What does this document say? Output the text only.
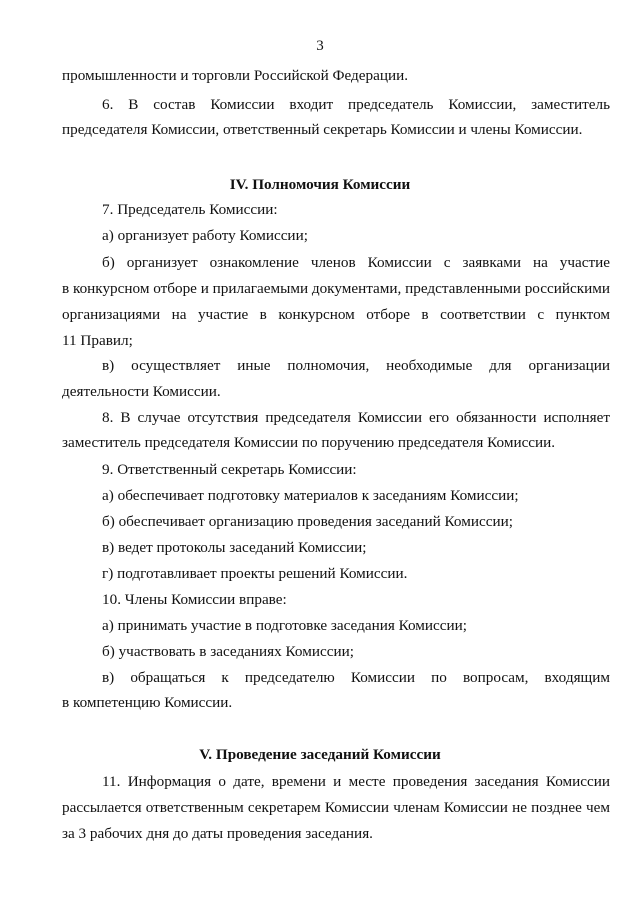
3
промышленности и торговли Российской Федерации.
6. В состав Комиссии входит председатель Комиссии, заместитель
председателя Комиссии, ответственный секретарь Комиссии и члены Комиссии.
IV. Полномочия Комиссии
7. Председатель Комиссии:
а) организует работу Комиссии;
б) организует ознакомление членов Комиссии с заявками на участие
в конкурсном отборе и прилагаемыми документами, представленными российскими
организациями на участие в конкурсном отборе в соответствии с пунктом
11 Правил;
в) осуществляет иные полномочия, необходимые для организации
деятельности Комиссии.
8. В случае отсутствия председателя Комиссии его обязанности исполняет
заместитель председателя Комиссии по поручению председателя Комиссии.
9. Ответственный секретарь Комиссии:
а) обеспечивает подготовку материалов к заседаниям Комиссии;
б) обеспечивает организацию проведения заседаний Комиссии;
в) ведет протоколы заседаний Комиссии;
г) подготавливает проекты решений Комиссии.
10. Члены Комиссии вправе:
а) принимать участие в подготовке заседания Комиссии;
б) участвовать в заседаниях Комиссии;
в) обращаться к председателю Комиссии по вопросам, входящим
в компетенцию Комиссии.
V. Проведение заседаний Комиссии
11. Информация о дате, времени и месте проведения заседания Комиссии
рассылается ответственным секретарем Комиссии членам Комиссии не позднее чем
за 3 рабочих дня до даты проведения заседания.
